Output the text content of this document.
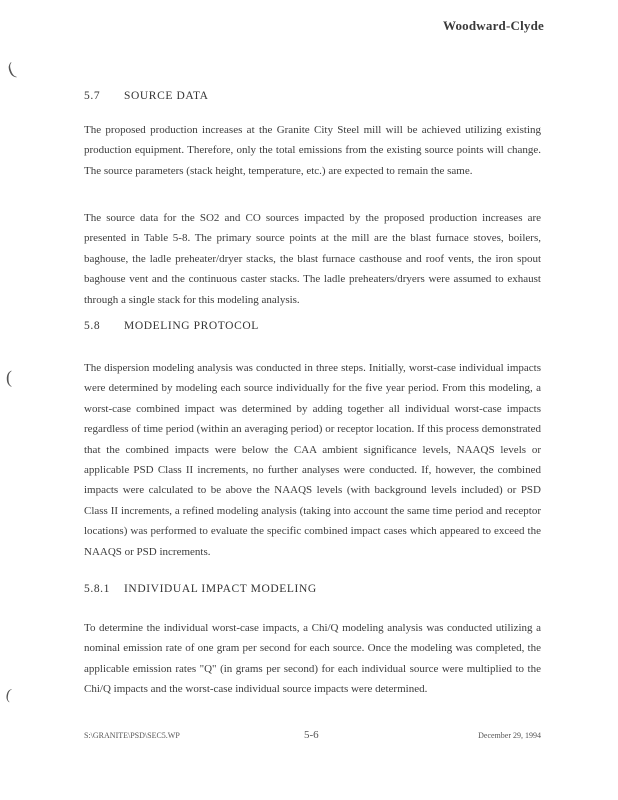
Woodward-Clyde
(
(
(
5.7 SOURCE DATA

The proposed production increases at the Granite City Steel mill will be achieved utilizing existing production equipment. Therefore, only the total emissions from the existing source points will change. The source parameters (stack height, temperature, etc.) are expected to remain the same.

The source data for the SO2 and CO sources impacted by the proposed production increases are presented in Table 5-8. The primary source points at the mill are the blast furnace stoves, boilers, baghouse, the ladle preheater/dryer stacks, the blast furnace casthouse and roof vents, the iron spout baghouse vent and the continuous caster stacks. The ladle preheaters/dryers were assumed to exhaust through a single stack for this modeling analysis.

5.8 MODELING PROTOCOL

The dispersion modeling analysis was conducted in three steps. Initially, worst-case individual impacts were determined by modeling each source individually for the five year period. From this modeling, a worst-case combined impact was determined by adding together all individual worst-case impacts regardless of time period (within an averaging period) or receptor location. If this process demonstrated that the combined impacts were below the CAA ambient significance levels, NAAQS levels or applicable PSD Class II increments, no further analyses were conducted. If, however, the combined impacts were calculated to be above the NAAQS levels (with background levels included) or PSD Class II increments, a refined modeling analysis (taking into account the same time period and receptor locations) was performed to evaluate the specific combined impact cases which appeared to exceed the NAAQS or PSD increments.

5.8.1 INDIVIDUAL IMPACT MODELING

To determine the individual worst-case impacts, a Chi/Q modeling analysis was conducted utilizing a nominal emission rate of one gram per second for each source. Once the modeling was completed, the applicable emission rates "Q" (in grams per second) for each individual source were multiplied to the Chi/Q impacts and the worst-case individual source impacts were determined.

S:\GRANITE\PSD\SEC5.WP	5-6	December 29, 1994
